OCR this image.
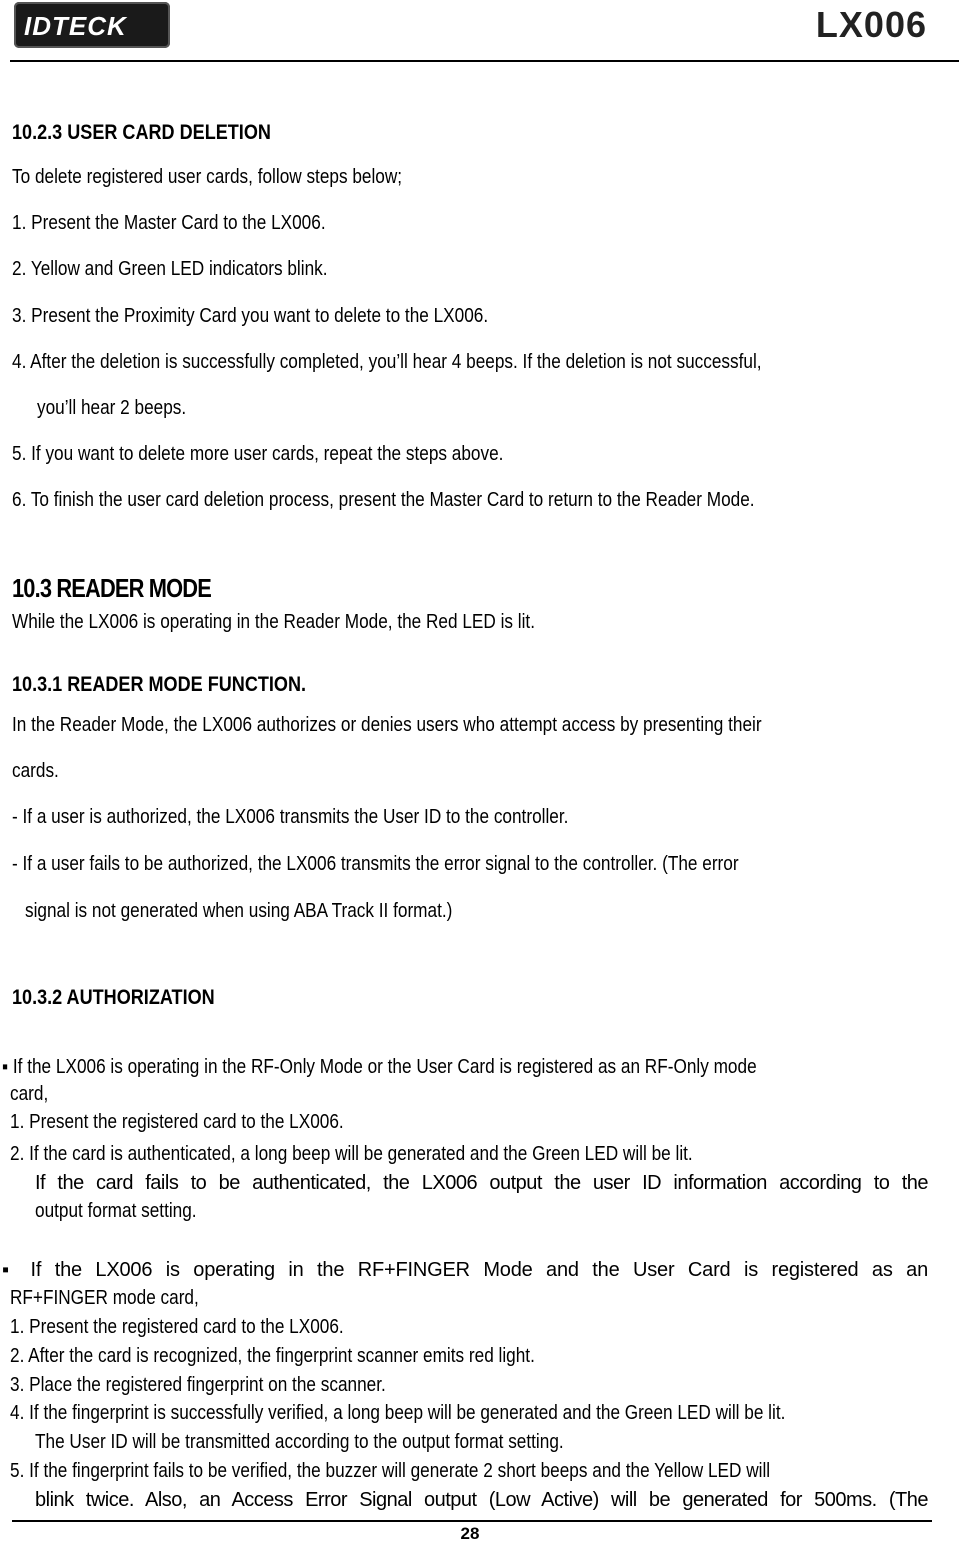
IDTECK	LX006
10.2.3 USER CARD DELETION
To delete registered user cards, follow steps below;
1. Present the Master Card to the LX006.
2. Yellow and Green LED indicators blink.
3. Present the Proximity Card you want to delete to the LX006.
4. After the deletion is successfully completed, you’ll hear 4 beeps. If the deletion is not successful,
you’ll hear 2 beeps.
5. If you want to delete more user cards, repeat the steps above.
6. To finish the user card deletion process, present the Master Card to return to the Reader Mode.
10.3 READER MODE
While the LX006 is operating in the Reader Mode, the Red LED is lit.
10.3.1 READER MODE FUNCTION.
In the Reader Mode, the LX006 authorizes or denies users who attempt access by presenting their
cards.
- If a user is authorized, the LX006 transmits the User ID to the controller.
- If a user fails to be authorized, the LX006 transmits the error signal to the controller. (The error
signal is not generated when using ABA Track II format.)
10.3.2 AUTHORIZATION
▪ If the LX006 is operating in the RF-Only Mode or the User Card is registered as an RF-Only mode
card,
1. Present the registered card to the LX006.
2. If the card is authenticated, a long beep will be generated and the Green LED will be lit.
If the card fails to be authenticated, the LX006 output the user ID information according to the
output format setting.
▪ If the LX006 is operating in the RF+FINGER Mode and the User Card is registered as an
RF+FINGER mode card,
1. Present the registered card to the LX006.
2. After the card is recognized, the fingerprint scanner emits red light.
3. Place the registered fingerprint on the scanner.
4. If the fingerprint is successfully verified, a long beep will be generated and the Green LED will be lit.
The User ID will be transmitted according to the output format setting.
5. If the fingerprint fails to be verified, the buzzer will generate 2 short beeps and the Yellow LED will
blink twice. Also, an Access Error Signal output (Low Active) will be generated for 500ms. (The
28
